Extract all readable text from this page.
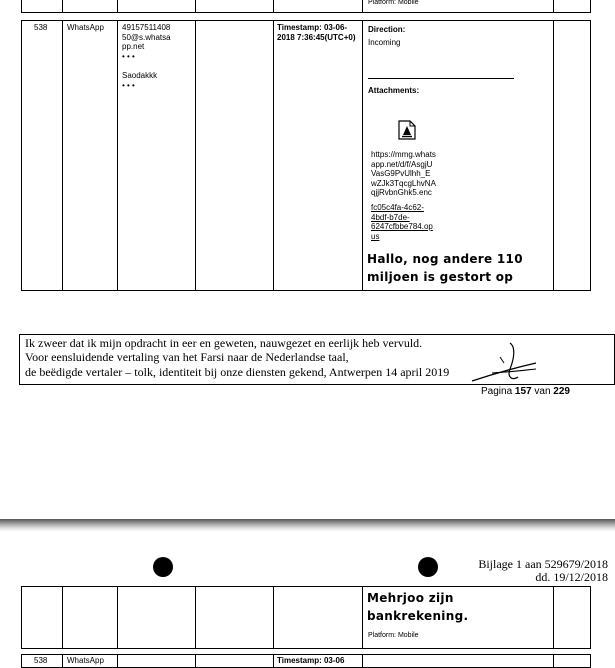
Platform: Mobile
538 WhatsApp 49157511408
50@s.whatsa
pp.net
• • •
Saodakkk
• • •
Timestamp: 03-06-2018 7:36:45(UTC+0)
Direction:
Incoming
Attachments:
https://mmg.whats
app.net/d/f/AsgjU
VasG9PvUlhh_E
wZJk3TqcgLhvNA
qjjRvbnGhk5.enc
fc05c4fa-4c62-
4bdf-b7de-
6247cfbbe784.op
us
Hallo, nog andere 110 miljoen is gestort op
Ik zweer dat ik mijn opdracht in eer en geweten, nauwgezet en eerlijk heb vervuld.
Voor eensluidende vertaling van het Farsi naar de Nederlandse taal,
de beëdigde vertaler – tolk, identiteit bij onze diensten gekend, Antwerpen 14 april 2019
Pagina 157 van 229
Bijlage 1 aan 529679/2018
dd. 19/12/2018
Mehrjoo zijn bankrekening.
Platform: Mobile
538 WhatsApp	Timestamp: 03-06
